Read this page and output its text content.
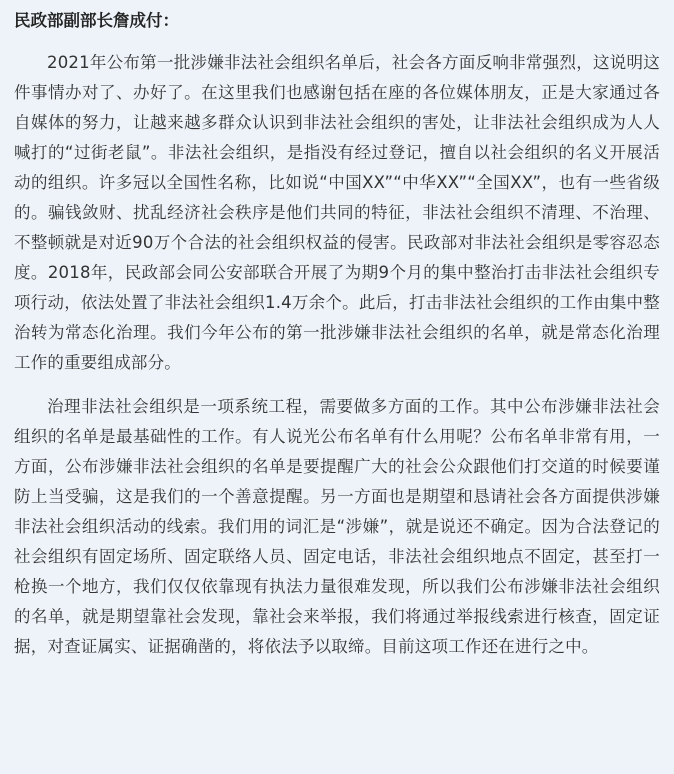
民政部副部长詹成付：

2021年公布第一批涉嫌非法社会组织名单后，社会各方面反响非常强烈，这说明这件事情办对了、办好了。在这里我们也感谢包括在座的各位媒体朋友，正是大家通过各自媒体的努力，让越来越多群众认识到非法社会组织的害处，让非法社会组织成为人人喊打的“过街老鼠”。非法社会组织，是指没有经过登记，擅自以社会组织的名义开展活动的组织。许多冠以全国性名称，比如说“中国XX”“中华XX”“全国XX”，也有一些省级的。骗钱敛财、扰乱经济社会秩序是他们共同的特征，非法社会组织不清理、不治理、不整顿就是对近90万个合法的社会组织权益的侵害。民政部对非法社会组织是零容忍态度。2018年，民政部会同公安部联合开展了为期9个月的集中整治打击非法社会组织专项行动，依法处置了非法社会组织1.4万余个。此后，打击非法社会组织的工作由集中整治转为常态化治理。我们今年公布的第一批涉嫌非法社会组织的名单，就是常态化治理工作的重要组成部分。

治理非法社会组织是一项系统工程，需要做多方面的工作。其中公布涉嫌非法社会组织的名单是最基础性的工作。有人说光公布名单有什么用呢？公布名单非常有用，一方面，公布涉嫌非法社会组织的名单是要提醒广大的社会公众跟他们打交道的时候要谨防上当受骗，这是我们的一个善意提醒。另一方面也是期望和恳请社会各方面提供涉嫌非法社会组织活动的线索。我们用的词汇是“涉嫌”，就是说还不确定。因为合法登记的社会组织有固定场所、固定联络人员、固定电话，非法社会组织地点不固定，甚至打一枪换一个地方，我们仅仅依靠现有执法力量很难发现，所以我们公布涉嫌非法社会组织的名单，就是期望靠社会发现，靠社会来举报，我们将通过举报线索进行核查，固定证据，对查证属实、证据确凿的，将依法予以取缔。目前这项工作还在进行之中。
